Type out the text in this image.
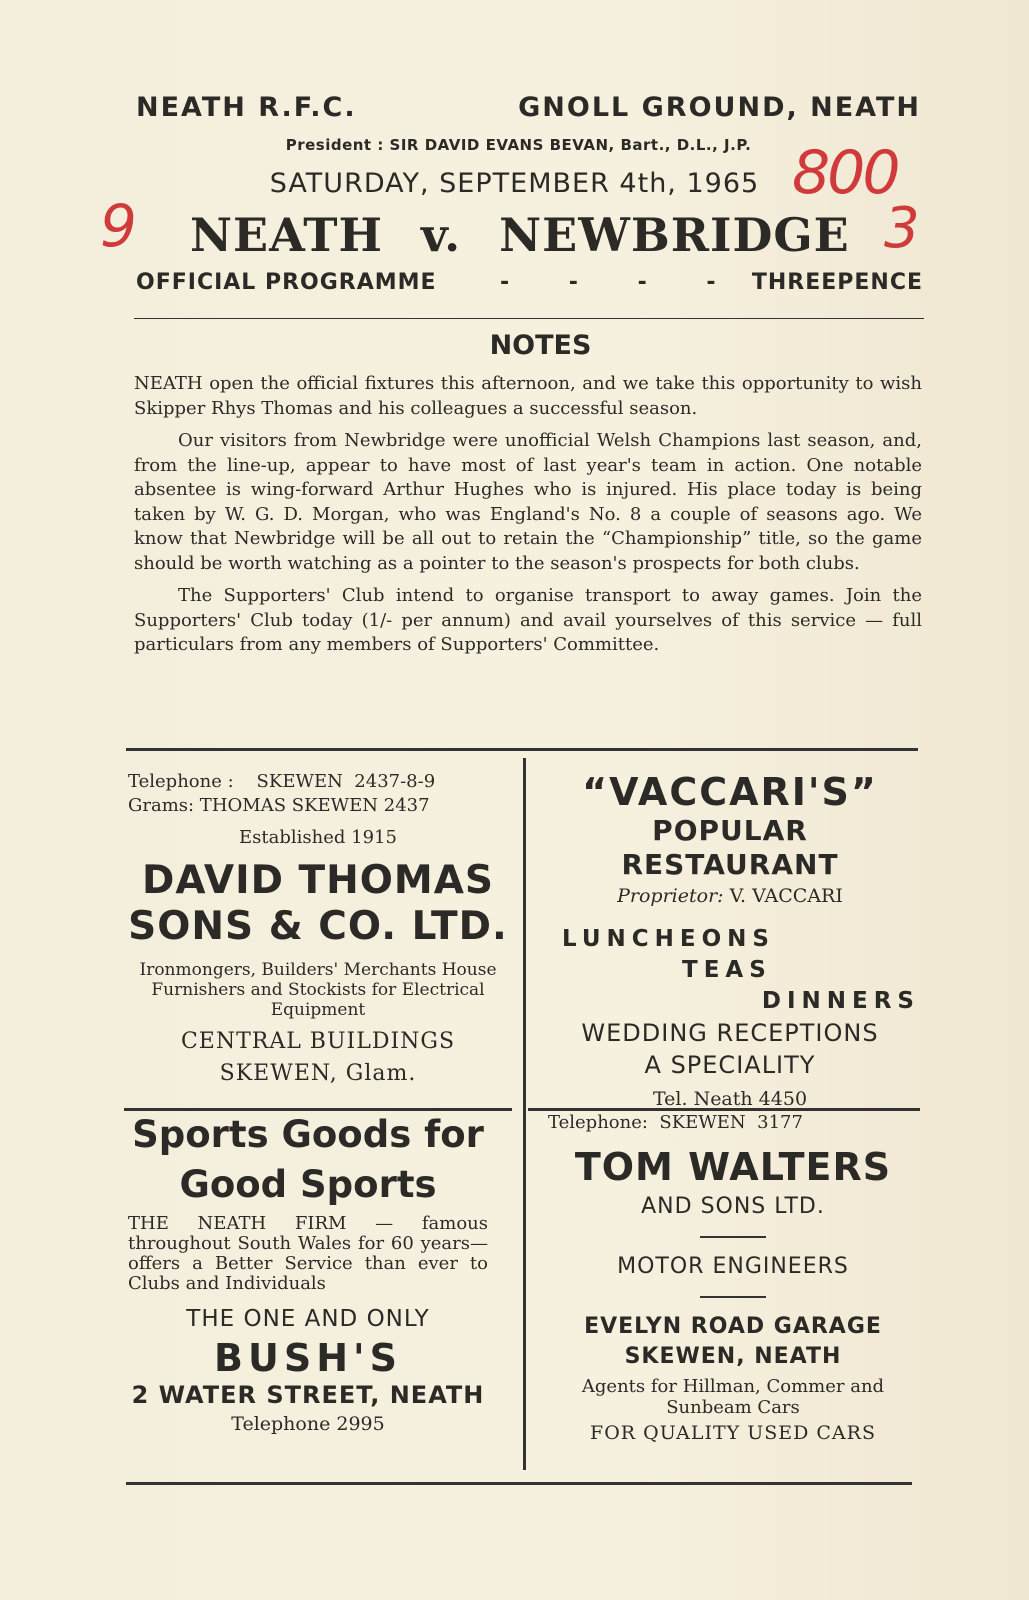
NEATH R.F.C.	GNOLL GROUND, NEATH
President : SIR DAVID EVANS BEVAN, Bart., D.L., J.P.
SATURDAY, SEPTEMBER 4th, 1965
NEATH v. NEWBRIDGE
800
9	3
OFFICIAL PROGRAMME	- - - - THREEPENCE
NOTES

NEATH open the official fixtures this afternoon, and we take this opportunity to wish Skipper Rhys Thomas and his colleagues a successful season.

Our visitors from Newbridge were unofficial Welsh Champions last season, and, from the line-up, appear to have most of last year's team in action. One notable absentee is wing-forward Arthur Hughes who is injured. His place today is being taken by W. G. D. Morgan, who was England's No. 8 a couple of seasons ago. We know that Newbridge will be all out to retain the “Championship” title, so the game should be worth watching as a pointer to the season's prospects for both clubs.

The Supporters' Club intend to organise transport to away games. Join the Supporters' Club today (1/- per annum) and avail yourselves of this service — full particulars from any members of Supporters' Committee.

Telephone :    SKEWEN  2437-8-9
Grams: THOMAS SKEWEN 2437
Established 1915
DAVID THOMAS
SONS & CO. LTD.
Ironmongers, Builders' Merchants House Furnishers and Stockists for Electrical Equipment
CENTRAL BUILDINGS
SKEWEN, Glam.
“VACCARI'S”
POPULAR RESTAURANT
Proprietor: V. VACCARI
LUNCHEONS
TEAS
DINNERS
WEDDING RECEPTIONS
A SPECIALITY
Tel. Neath 4450
Sports Goods for
Good Sports
THE NEATH FIRM — famous throughout South Wales for 60 years—offers a Better Service than ever to Clubs and Individuals
THE ONE AND ONLY
BUSH'S
2 WATER STREET, NEATH
Telephone 2995
Telephone:  SKEWEN  3177
TOM WALTERS
AND SONS LTD.
MOTOR ENGINEERS
EVELYN ROAD GARAGE
SKEWEN, NEATH
Agents for Hillman, Commer and Sunbeam Cars
FOR QUALITY USED CARS
